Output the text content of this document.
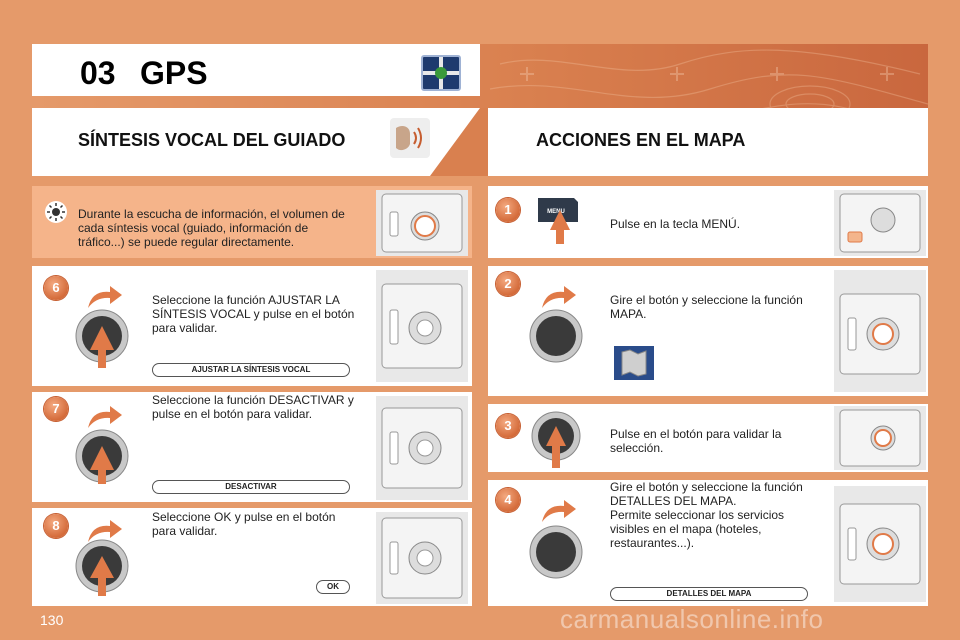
03 GPS
SÍNTESIS VOCAL DEL GUIADO	ACCIONES EN EL MAPA
Durante la escucha de información, el volumen de cada síntesis vocal (guiado, información de tráfico...) se puede regular directamente.
6
Seleccione la función AJUSTAR LA SÍNTESIS VOCAL y pulse en el botón para validar.
AJUSTAR LA SÍNTESIS VOCAL
7
Seleccione la función DESACTIVAR y pulse en el botón para validar.
DESACTIVAR
8
Seleccione OK y pulse en el botón para validar.
OK
1	MENU
Pulse en la tecla MENÚ.
2
Gire el botón y seleccione la función MAPA.
3
Pulse en el botón para validar la selección.
4
Gire el botón y seleccione la función DETALLES DEL MAPA.
Permite seleccionar los servicios visibles en el mapa (hoteles, restaurantes...).
DETALLES DEL MAPA
130	carmanualsonline.info
